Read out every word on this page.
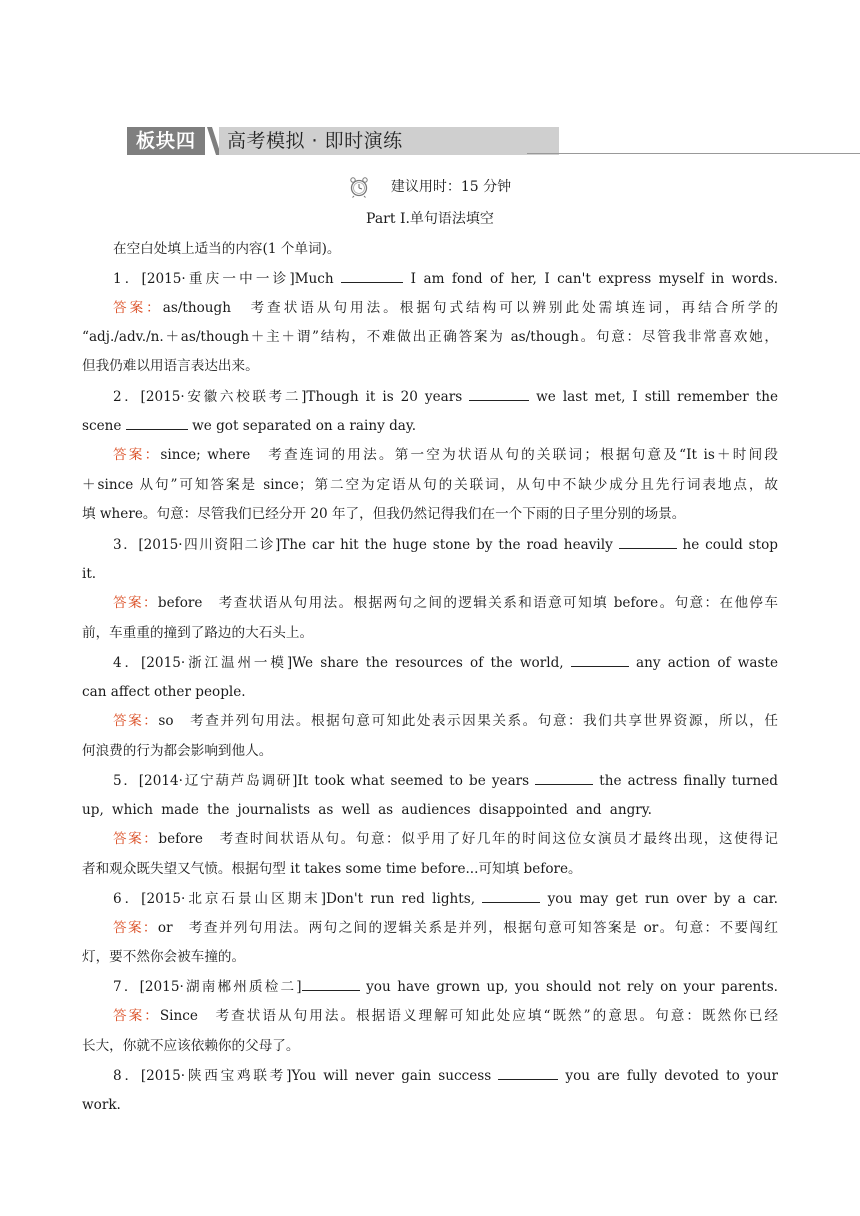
板块四	高考模拟 · 即时演练
建议用时：15 分钟
Part Ⅰ.单句语法填空
在空白处填上适当的内容(1 个单词)。
1．[2015·重庆一中一诊]Much	I am fond of her, I can't express myself in words.
答案：as/though　考查状语从句用法。根据句式结构可以辨别此处需填连词，再结合所学的
“adj./adv./n.＋as/though＋主＋谓”结构，不难做出正确答案为 as/though。句意：尽管我非常喜欢她，
但我仍难以用语言表达出来。
2．[2015·安徽六校联考二]Though it is 20 years	we last met, I still remember the
scene	we got separated on a rainy day.
答案：since; where　考查连词的用法。第一空为状语从句的关联词；根据句意及“It is＋时间段
＋since 从句”可知答案是 since；第二空为定语从句的关联词，从句中不缺少成分且先行词表地点，故
填 where。句意：尽管我们已经分开 20 年了，但我仍然记得我们在一个下雨的日子里分别的场景。
3．[2015·四川资阳二诊]The car hit the huge stone by the road heavily	he could stop
it.
答案：before　考查状语从句用法。根据两句之间的逻辑关系和语意可知填 before。句意：在他停车
前，车重重的撞到了路边的大石头上。
4．[2015·浙江温州一模]We share the resources of the world,	any action of waste
can affect other people.
答案：so　考查并列句用法。根据句意可知此处表示因果关系。句意：我们共享世界资源，所以，任
何浪费的行为都会影响到他人。
5．[2014·辽宁葫芦岛调研]It took what seemed to be years	the actress finally turned
up, which made the journalists as well as audiences disappointed and angry.
答案：before　考查时间状语从句。句意：似乎用了好几年的时间这位女演员才最终出现，这使得记
者和观众既失望又气愤。根据句型 it takes some time before...可知填 before。
6．[2015·北京石景山区期末]Don't run red lights,	you may get run over by a car.
答案：or　考查并列句用法。两句之间的逻辑关系是并列，根据句意可知答案是 or。句意：不要闯红
灯，要不然你会被车撞的。
7．[2015·湖南郴州质检二]	you have grown up, you should not rely on your parents.
答案：Since　考查状语从句用法。根据语义理解可知此处应填“既然”的意思。句意：既然你已经
长大，你就不应该依赖你的父母了。
8．[2015·陕西宝鸡联考]You will never gain success	you are fully devoted to your
work.
